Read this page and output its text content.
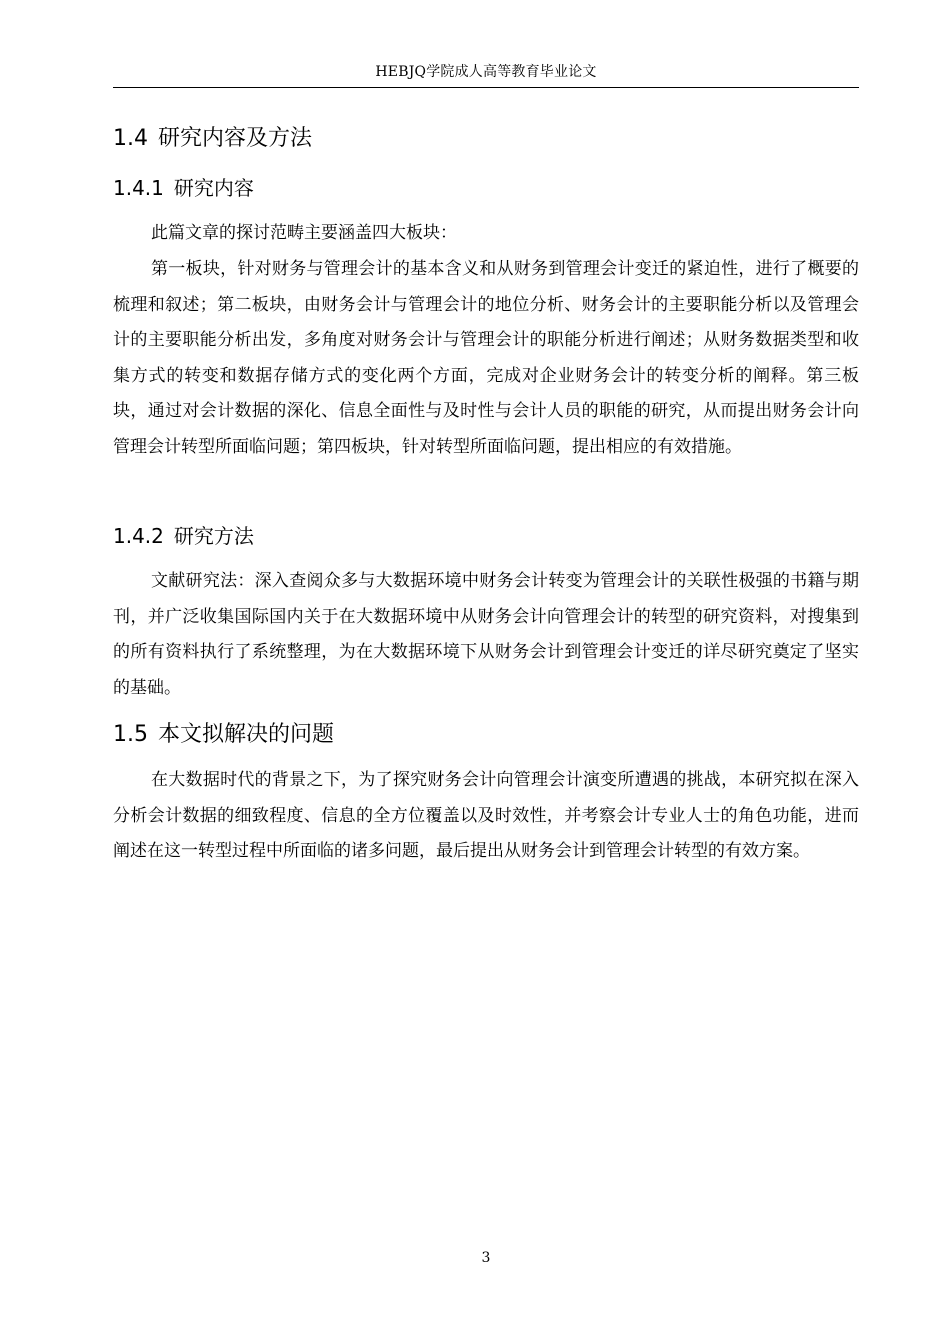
HEBJQ学院成人高等教育毕业论文
1.4 研究内容及方法
1.4.1 研究内容
此篇文章的探讨范畴主要涵盖四大板块：
第一板块，针对财务与管理会计的基本含义和从财务到管理会计变迁的紧迫性，进行了概要的梳理和叙述；第二板块，由财务会计与管理会计的地位分析、财务会计的主要职能分析以及管理会计的主要职能分析出发，多角度对财务会计与管理会计的职能分析进行阐述；从财务数据类型和收集方式的转变和数据存储方式的变化两个方面，完成对企业财务会计的转变分析的阐释。第三板块，通过对会计数据的深化、信息全面性与及时性与会计人员的职能的研究，从而提出财务会计向管理会计转型所面临问题；第四板块，针对转型所面临问题，提出相应的有效措施。
1.4.2 研究方法
文献研究法：深入查阅众多与大数据环境中财务会计转变为管理会计的关联性极强的书籍与期刊，并广泛收集国际国内关于在大数据环境中从财务会计向管理会计的转型的研究资料，对搜集到的所有资料执行了系统整理，为在大数据环境下从财务会计到管理会计变迁的详尽研究奠定了坚实的基础。
1.5 本文拟解决的问题
在大数据时代的背景之下，为了探究财务会计向管理会计演变所遭遇的挑战，本研究拟在深入分析会计数据的细致程度、信息的全方位覆盖以及时效性，并考察会计专业人士的角色功能，进而阐述在这一转型过程中所面临的诸多问题，最后提出从财务会计到管理会计转型的有效方案。
3
